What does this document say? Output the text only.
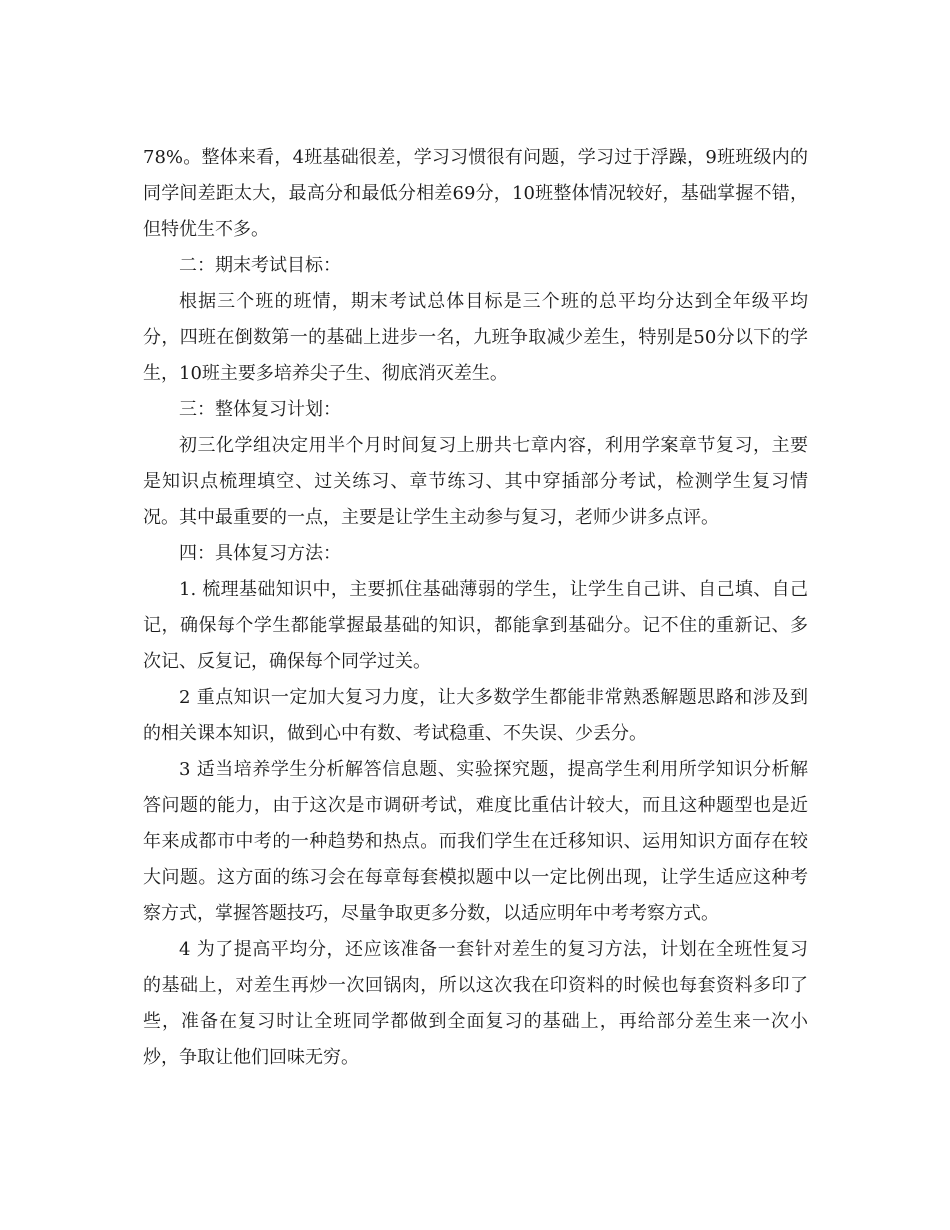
78%。整体来看，4班基础很差，学习习惯很有问题，学习过于浮躁，9班班级内的同学间差距太大，最高分和最低分相差69分，10班整体情况较好，基础掌握不错，但特优生不多。

二：期末考试目标：

根据三个班的班情，期末考试总体目标是三个班的总平均分达到全年级平均分，四班在倒数第一的基础上进步一名，九班争取减少差生，特别是50分以下的学生，10班主要多培养尖子生、彻底消灭差生。

三：整体复习计划：

初三化学组决定用半个月时间复习上册共七章内容，利用学案章节复习，主要是知识点梳理填空、过关练习、章节练习、其中穿插部分考试，检测学生复习情况。其中最重要的一点，主要是让学生主动参与复习，老师少讲多点评。

四：具体复习方法：

1. 梳理基础知识中，主要抓住基础薄弱的学生，让学生自己讲、自己填、自己记，确保每个学生都能掌握最基础的知识，都能拿到基础分。记不住的重新记、多次记、反复记，确保每个同学过关。

2 重点知识一定加大复习力度，让大多数学生都能非常熟悉解题思路和涉及到的相关课本知识，做到心中有数、考试稳重、不失误、少丢分。

3 适当培养学生分析解答信息题、实验探究题，提高学生利用所学知识分析解答问题的能力，由于这次是市调研考试，难度比重估计较大，而且这种题型也是近年来成都市中考的一种趋势和热点。而我们学生在迁移知识、运用知识方面存在较大问题。这方面的练习会在每章每套模拟题中以一定比例出现，让学生适应这种考察方式，掌握答题技巧，尽量争取更多分数，以适应明年中考考察方式。

4 为了提高平均分，还应该准备一套针对差生的复习方法，计划在全班性复习的基础上，对差生再炒一次回锅肉，所以这次我在印资料的时候也每套资料多印了些，准备在复习时让全班同学都做到全面复习的基础上，再给部分差生来一次小炒，争取让他们回味无穷。
